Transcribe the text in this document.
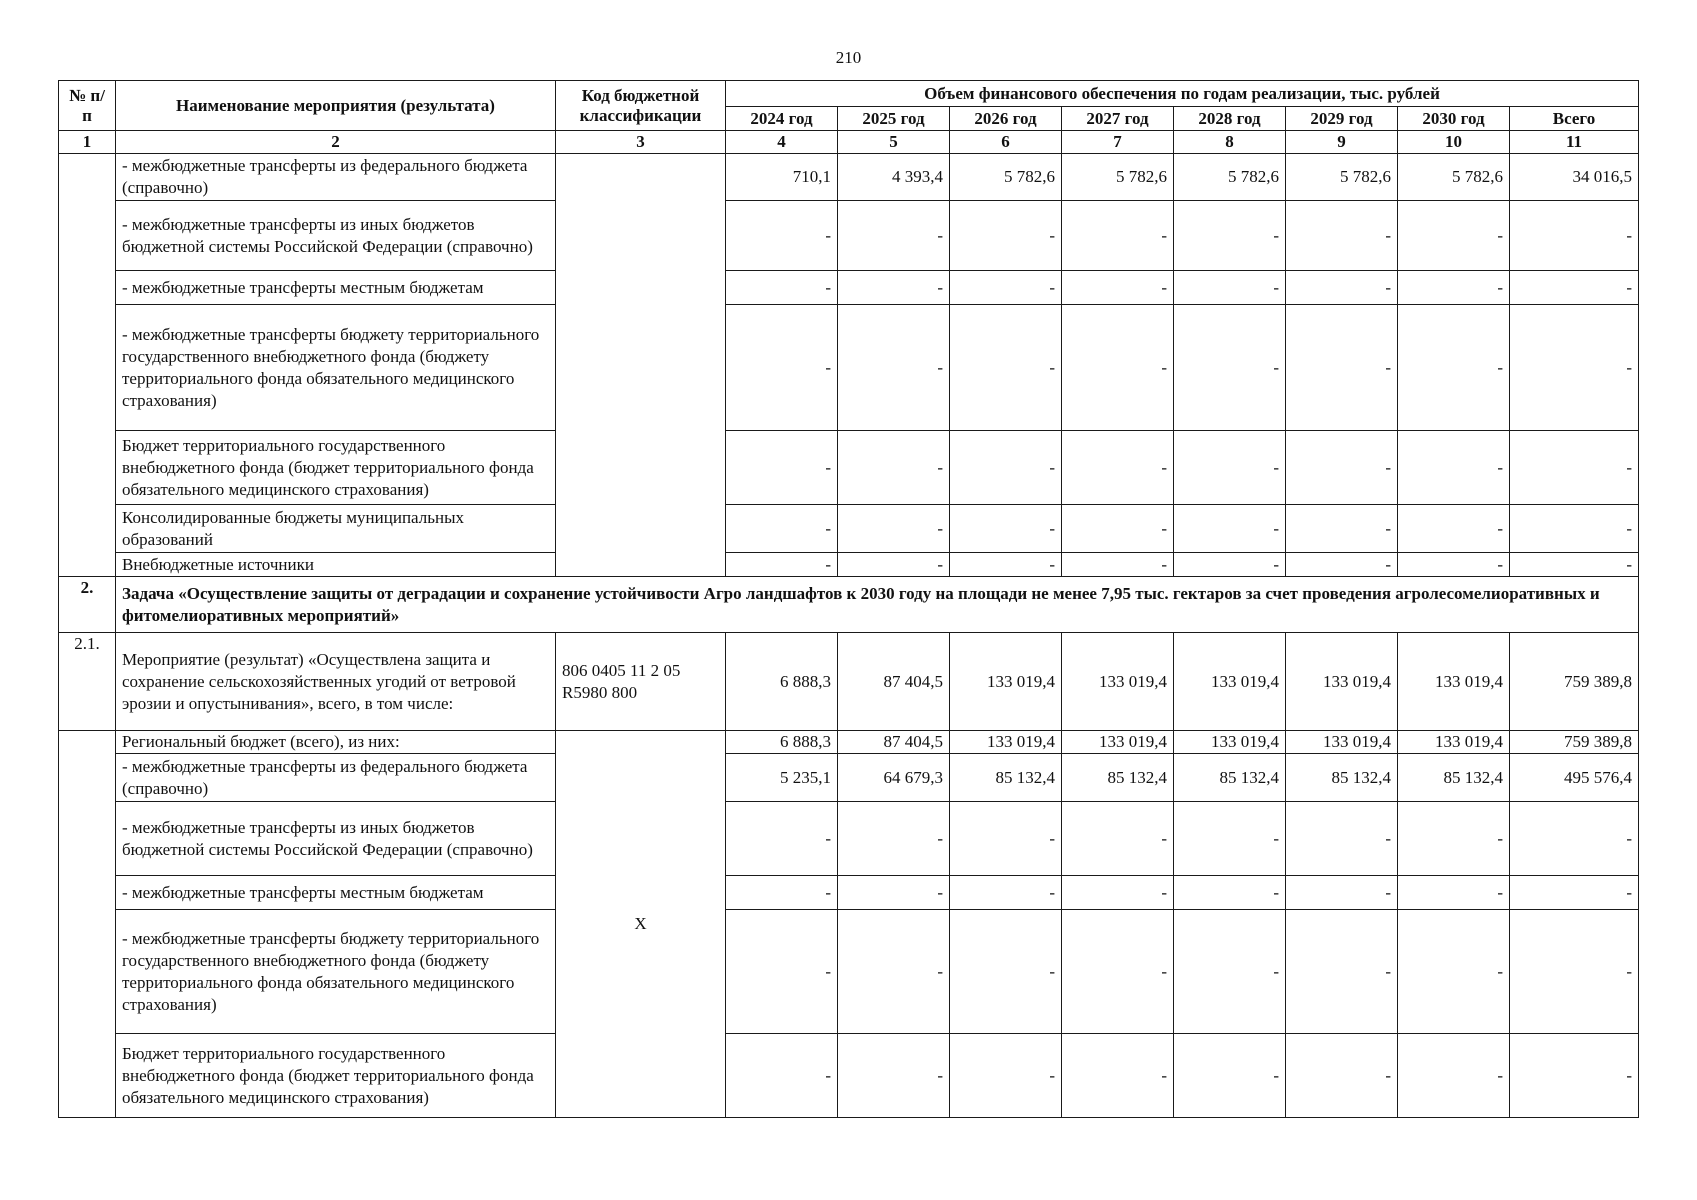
210
№ п/п	Наименование мероприятия (результата)	Код бюджетной классификации	Объем финансового обеспечения по годам реализации, тыс. рублей							
			2024 год	2025 год	2026 год	2027 год	2028 год	2029 год	2030 год	Всего
1	2	3	4	5	6	7	8	9	10	11
	- межбюджетные трансферты из федерального бюджета (справочно)		710,1	4 393,4	5 782,6	5 782,6	5 782,6	5 782,6	5 782,6	34 016,5
	- межбюджетные трансферты из иных бюджетов бюджетной системы Российской Федерации (справочно)		-	-	-	-	-	-	-	-
	- межбюджетные трансферты местным бюджетам		-	-	-	-	-	-	-	-
	- межбюджетные трансферты бюджету территориального государственного внебюджетного фонда (бюджету территориального фонда обязательного медицинского страхования)		-	-	-	-	-	-	-	-
	Бюджет территориального государственного внебюджетного фонда (бюджет территориального фонда обязательного медицинского страхования)		-	-	-	-	-	-	-	-
	Консолидированные бюджеты муниципальных образований		-	-	-	-	-	-	-	-
	Внебюджетные источники		-	-	-	-	-	-	-	-
2.	Задача «Осуществление защиты от деградации и сохранение устойчивости Агро ландшафтов к 2030 году на площади не менее 7,95 тыс. гектаров за счет проведения агролесомелиоративных и фитомелиоративных мероприятий»									
2.1.	Мероприятие (результат) «Осуществлена защита и сохранение сельскохозяйственных угодий от ветровой эрозии и опустынивания», всего, в том числе:	806 0405 11 2 05 R5980 800	6 888,3	87 404,5	133 019,4	133 019,4	133 019,4	133 019,4	133 019,4	759 389,8
	Региональный бюджет (всего), из них:	X	6 888,3	87 404,5	133 019,4	133 019,4	133 019,4	133 019,4	133 019,4	759 389,8
	- межбюджетные трансферты из федерального бюджета (справочно)		5 235,1	64 679,3	85 132,4	85 132,4	85 132,4	85 132,4	85 132,4	495 576,4
	- межбюджетные трансферты из иных бюджетов бюджетной системы Российской Федерации (справочно)		-	-	-	-	-	-	-	-
	- межбюджетные трансферты местным бюджетам		-	-	-	-	-	-	-	-
	- межбюджетные трансферты бюджету территориального государственного внебюджетного фонда (бюджету территориального фонда обязательного медицинского страхования)		-	-	-	-	-	-	-	-
	Бюджет территориального государственного внебюджетного фонда (бюджет территориального фонда обязательного медицинского страхования)		-	-	-	-	-	-	-	-
